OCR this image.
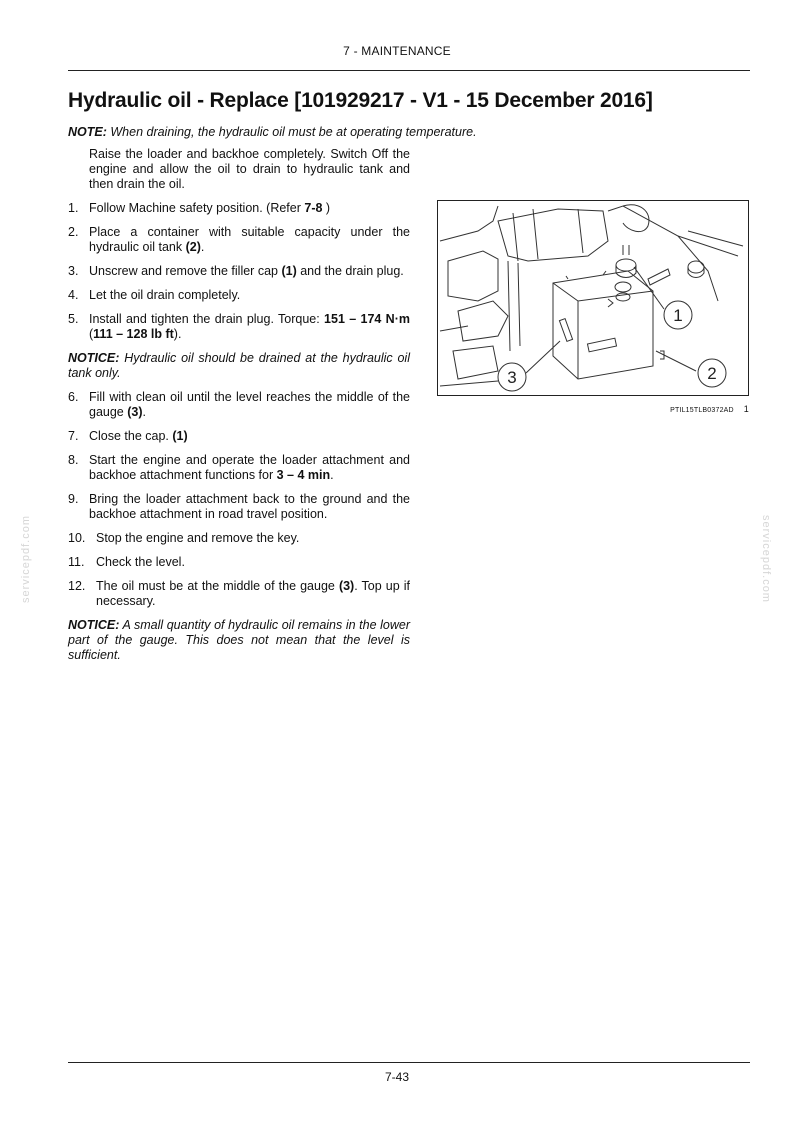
7 - MAINTENANCE
Hydraulic oil - Replace [101929217 - V1 - 15 December 2016]
NOTE: When draining, the hydraulic oil must be at operating temperature.

Raise the loader and backhoe completely. Switch Off the engine and allow the oil to drain to hydraulic tank and then drain the oil.

1. Follow Machine safety position. (Refer 7-8 )
2. Place a container with suitable capacity under the hydraulic oil tank (2).
3. Unscrew and remove the filler cap (1) and the drain plug.
4. Let the oil drain completely.
5. Install and tighten the drain plug. Torque: 151 – 174 N·m (111 – 128 lb ft).
NOTICE: Hydraulic oil should be drained at the hydraulic oil tank only.
6. Fill with clean oil until the level reaches the middle of the gauge (3).
7. Close the cap. (1)
8. Start the engine and operate the loader attachment and backhoe attachment functions for 3 – 4 min.
9. Bring the loader attachment back to the ground and the backhoe attachment in road travel position.
10. Stop the engine and remove the key.
11. Check the level.
12. The oil must be at the middle of the gauge (3). Top up if necessary.
NOTICE: A small quantity of hydraulic oil remains in the lower part of the gauge. This does not mean that the level is sufficient.
1
2
3
PTIL15TLB0372AD 1
servicepdf.com	servicepdf.com
7-43
